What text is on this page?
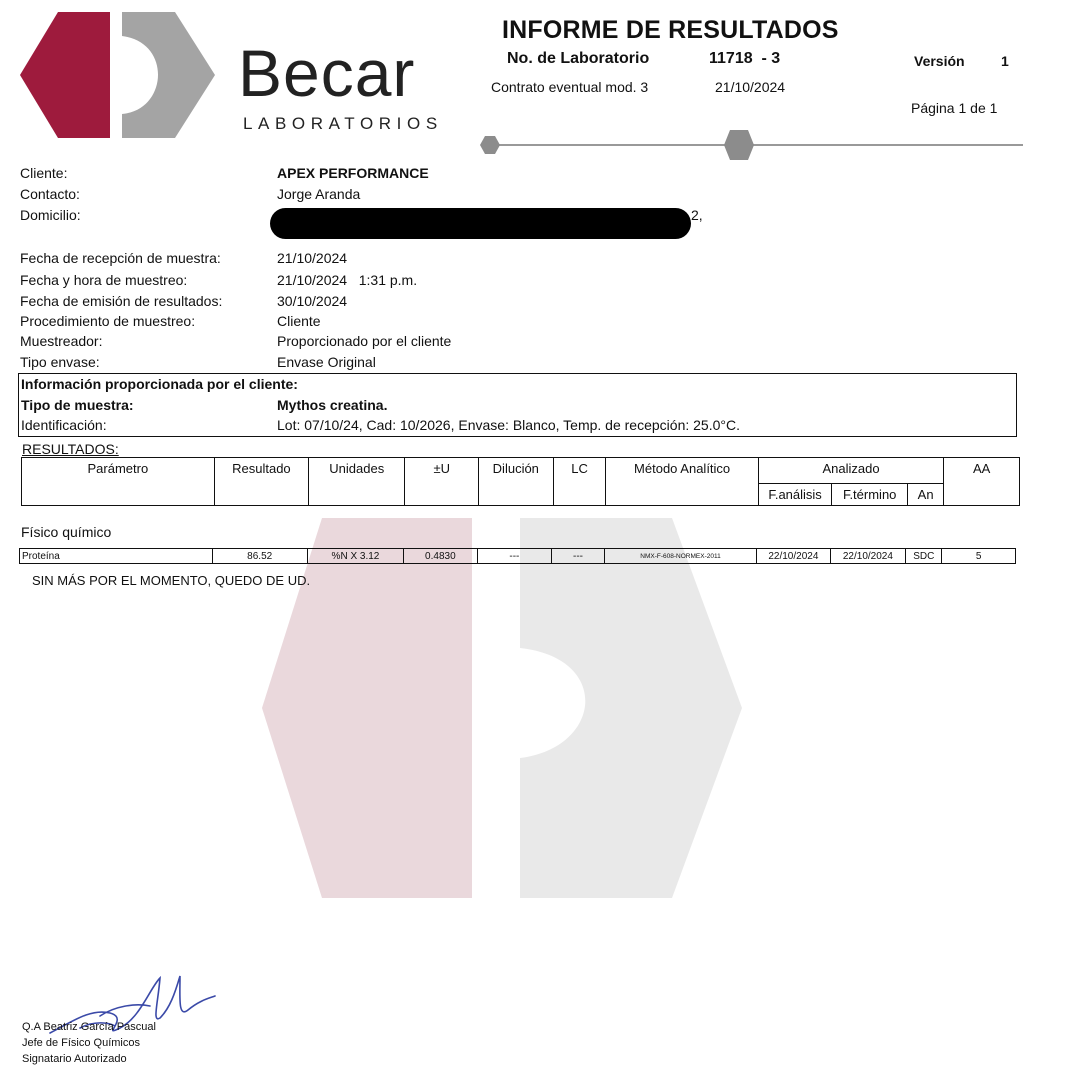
Becar
LABORATORIOS
INFORME DE RESULTADOS
No. de Laboratorio	11718  - 3	Versión	1
Contrato eventual mod. 3	21/10/2024
Página 1 de 1
Cliente:	APEX PERFORMANCE
Contacto:	Jorge Aranda
Domicilio:	2,
Fecha de recepción de muestra:	21/10/2024
Fecha y hora de muestreo:	21/10/2024   1:31 p.m.
Fecha de emisión de resultados:	30/10/2024
Procedimiento de muestreo:	Cliente
Muestreador:	Proporcionado por el cliente
Tipo envase:	Envase Original
Información proporcionada por el cliente:
Tipo de muestra:	Mythos creatina.
Identificación:	Lot: 07/10/24, Cad: 10/2026, Envase: Blanco, Temp. de recepción: 25.0°C.
RESULTADOS:
Parámetro	Resultado	Unidades	±U	Dilución	LC	Método Analítico	Analizado			AA
							F.análisis	F.término	An	
Físico químico
Proteína	86.52	%N X 3.12	0.4830	---	---	NMX-F-608-NORMEX-2011	22/10/2024	22/10/2024	SDC	5
SIN MÁS POR EL MOMENTO, QUEDO DE UD.
Q.A Beatriz García Pascual
Jefe de Físico Químicos
Signatario Autorizado
